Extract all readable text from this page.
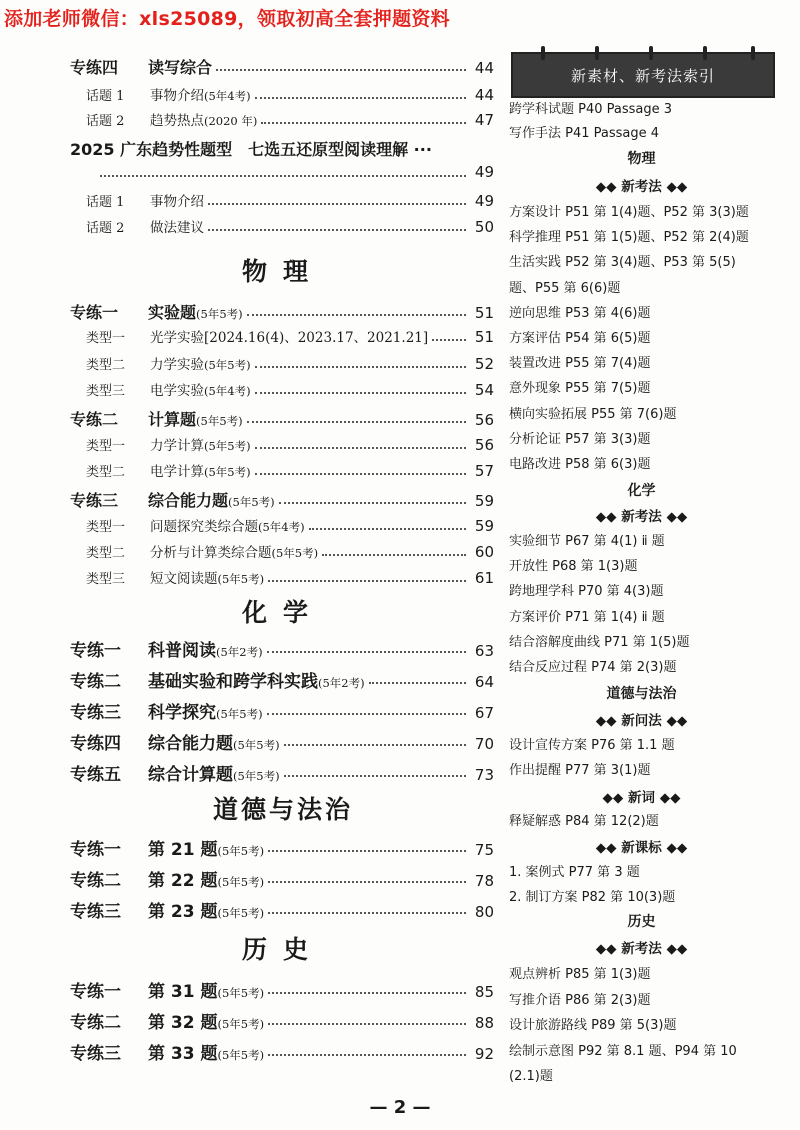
添加老师微信：xls25089，领取初高全套押题资料
专练四	读写综合	44
话题 1	事物介绍 (5年4考)	44
话题 2	趋势热点 (2020 年)	47
2025 广东趋势性题型　七选五还原型阅读理解 ···
49
话题 1	事物介绍	49
话题 2	做法建议	50
物理
专练一	实验题 (5年5考)	51
类型一	光学实验[2024.16(4)、2023.17、2021.21]	51
类型二	力学实验 (5年5考)	52
类型三	电学实验 (5年4考)	54
专练二	计算题 (5年5考)	56
类型一	力学计算 (5年5考)	56
类型二	电学计算 (5年5考)	57
专练三	综合能力题 (5年5考)	59
类型一	问题探究类综合题 (5年4考)	59
类型二	分析与计算类综合题 (5年5考)	60
类型三	短文阅读题 (5年5考)	61
化学
专练一	科普阅读 (5年2考)	63
专练二	基础实验和跨学科实践 (5年2考)	64
专练三	科学探究 (5年5考)	67
专练四	综合能力题 (5年5考)	70
专练五	综合计算题 (5年5考)	73
道德与法治
专练一	第 21 题 (5年5考)	75
专练二	第 22 题 (5年5考)	78
专练三	第 23 题 (5年5考)	80
历史
专练一	第 31 题 (5年5考)	85
专练二	第 32 题 (5年5考)	88
专练三	第 33 题 (5年5考)	92
新素材、新考法索引
跨学科试题 P40 Passage 3
写作手法 P41 Passage 4
物理
◆◆ 新考法 ◆◆
方案设计 P51 第 1(4)题、P52 第 3(3)题
科学推理 P51 第 1(5)题、P52 第 2(4)题
生活实践 P52 第 3(4)题、P53 第 5(5)
题、P55 第 6(6)题
逆向思维 P53 第 4(6)题
方案评估 P54 第 6(5)题
装置改进 P55 第 7(4)题
意外现象 P55 第 7(5)题
横向实验拓展 P55 第 7(6)题
分析论证 P57 第 3(3)题
电路改进 P58 第 6(3)题
化学
◆◆ 新考法 ◆◆
实验细节 P67 第 4(1) ⅱ 题
开放性 P68 第 1(3)题
跨地理学科 P70 第 4(3)题
方案评价 P71 第 1(4) ⅱ 题
结合溶解度曲线 P71 第 1(5)题
结合反应过程 P74 第 2(3)题
道德与法治
◆◆ 新问法 ◆◆
设计宣传方案 P76 第 1.1 题
作出提醒 P77 第 3(1)题
◆◆ 新词 ◆◆
释疑解惑 P84 第 12(2)题
◆◆ 新课标 ◆◆
1. 案例式 P77 第 3 题
2. 制订方案 P82 第 10(3)题
历史
◆◆ 新考法 ◆◆
观点辨析 P85 第 1(3)题
写推介语 P86 第 2(3)题
设计旅游路线 P89 第 5(3)题
绘制示意图 P92 第 8.1 题、P94 第 10
(2.1)题
— 2 —
